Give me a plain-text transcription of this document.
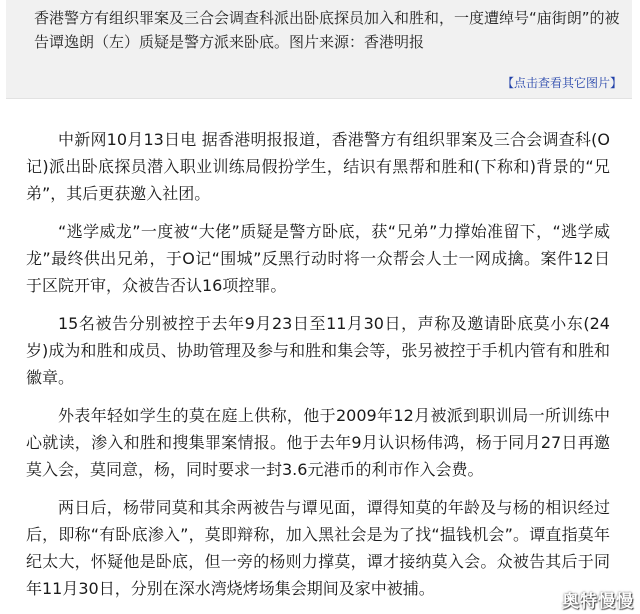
香港警方有组织罪案及三合会调查科派出卧底探员加入和胜和，一度遭绰号“庙街朗”的被告谭逸朗（左）质疑是警方派来卧底。图片来源：香港明报
【点击查看其它图片】

中新网10月13日电 据香港明报报道，香港警方有组织罪案及三合会调查科(O记)派出卧底探员潜入职业训练局假扮学生，结识有黑帮和胜和(下称和)背景的“兄弟”，其后更获邀入社团。

“逃学威龙”一度被“大佬”质疑是警方卧底，获“兄弟”力撑始准留下，“逃学威龙”最终供出兄弟，于O记“围城”反黑行动时将一众帮会人士一网成擒。案件12日于区院开审，众被告否认16项控罪。

15名被告分别被控于去年9月23日至11月30日，声称及邀请卧底莫小东(24岁)成为和胜和成员、协助管理及参与和胜和集会等，张另被控于手机内管有和胜和徽章。

外表年轻如学生的莫在庭上供称，他于2009年12月被派到职训局一所训练中心就读，渗入和胜和搜集罪案情报。他于去年9月认识杨伟鸿，杨于同月27日再邀莫入会，莫同意，杨，同时要求一封3.6元港币的利市作入会费。

两日后，杨带同莫和其余两被告与谭见面，谭得知莫的年龄及与杨的相识经过后，即称“有卧底渗入”，莫即辩称，加入黑社会是为了找“揾钱机会”。谭直指莫年纪太大，怀疑他是卧底，但一旁的杨则力撑莫，谭才接纳莫入会。众被告其后于同年11月30日，分别在深水湾烧烤场集会期间及家中被捕。

奥特慢慢
